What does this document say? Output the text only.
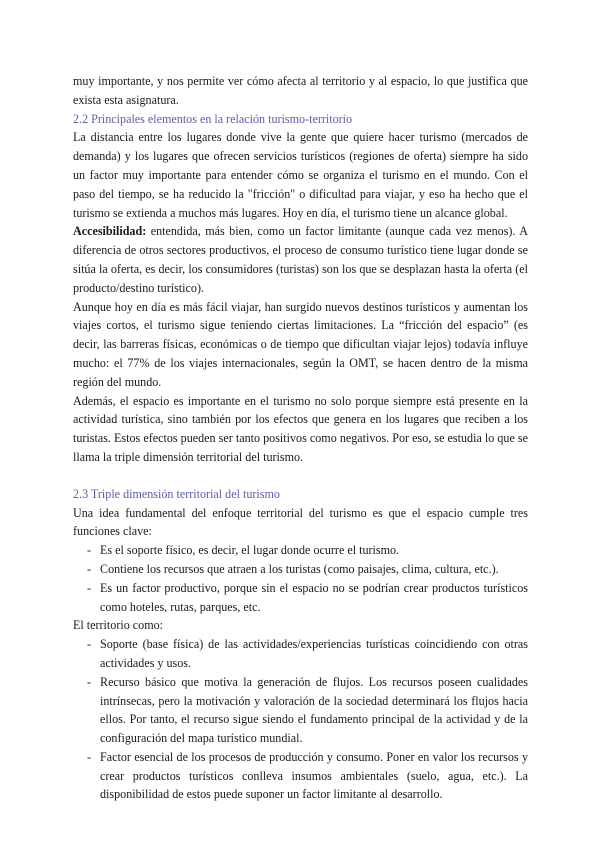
muy importante, y nos permite ver cómo afecta al territorio y al espacio, lo que justifica que exista esta asignatura.

2.2 Principales elementos en la relación turismo-territorio

La distancia entre los lugares donde vive la gente que quiere hacer turismo (mercados de demanda) y los lugares que ofrecen servicios turísticos (regiones de oferta) siempre ha sido un factor muy importante para entender cómo se organiza el turismo en el mundo. Con el paso del tiempo, se ha reducido la "fricción" o dificultad para viajar, y eso ha hecho que el turismo se extienda a muchos más lugares. Hoy en día, el turismo tiene un alcance global.

Accesibilidad: entendida, más bien, como un factor limitante (aunque cada vez menos). A diferencia de otros sectores productivos, el proceso de consumo turístico tiene lugar donde se sitúa la oferta, es decir, los consumidores (turistas) son los que se desplazan hasta la oferta (el producto/destino turístico).

Aunque hoy en día es más fácil viajar, han surgido nuevos destinos turísticos y aumentan los viajes cortos, el turismo sigue teniendo ciertas limitaciones. La “fricción del espacio” (es decir, las barreras físicas, económicas o de tiempo que dificultan viajar lejos) todavía influye mucho: el 77% de los viajes internacionales, según la OMT, se hacen dentro de la misma región del mundo.

Además, el espacio es importante en el turismo no solo porque siempre está presente en la actividad turística, sino también por los efectos que genera en los lugares que reciben a los turistas. Estos efectos pueden ser tanto positivos como negativos. Por eso, se estudia lo que se llama la triple dimensión territorial del turismo.

2.3 Triple dimensión territorial del turismo

Una idea fundamental del enfoque territorial del turismo es que el espacio cumple tres funciones clave:

- Es el soporte físico, es decir, el lugar donde ocurre el turismo.
- Contiene los recursos que atraen a los turistas (como paisajes, clima, cultura, etc.).
- Es un factor productivo, porque sin el espacio no se podrían crear productos turísticos como hoteles, rutas, parques, etc.

El territorio como:

- Soporte (base física) de las actividades/experiencias turísticas coincidiendo con otras actividades y usos.
- Recurso básico que motiva la generación de flujos. Los recursos poseen cualidades intrínsecas, pero la motivación y valoración de la sociedad determinará los flujos hacia ellos. Por tanto, el recurso sigue siendo el fundamento principal de la actividad y de la configuración del mapa turístico mundial.
- Factor esencial de los procesos de producción y consumo. Poner en valor los recursos y crear productos turísticos conlleva insumos ambientales (suelo, agua, etc.). La disponibilidad de estos puede suponer un factor limitante al desarrollo.
